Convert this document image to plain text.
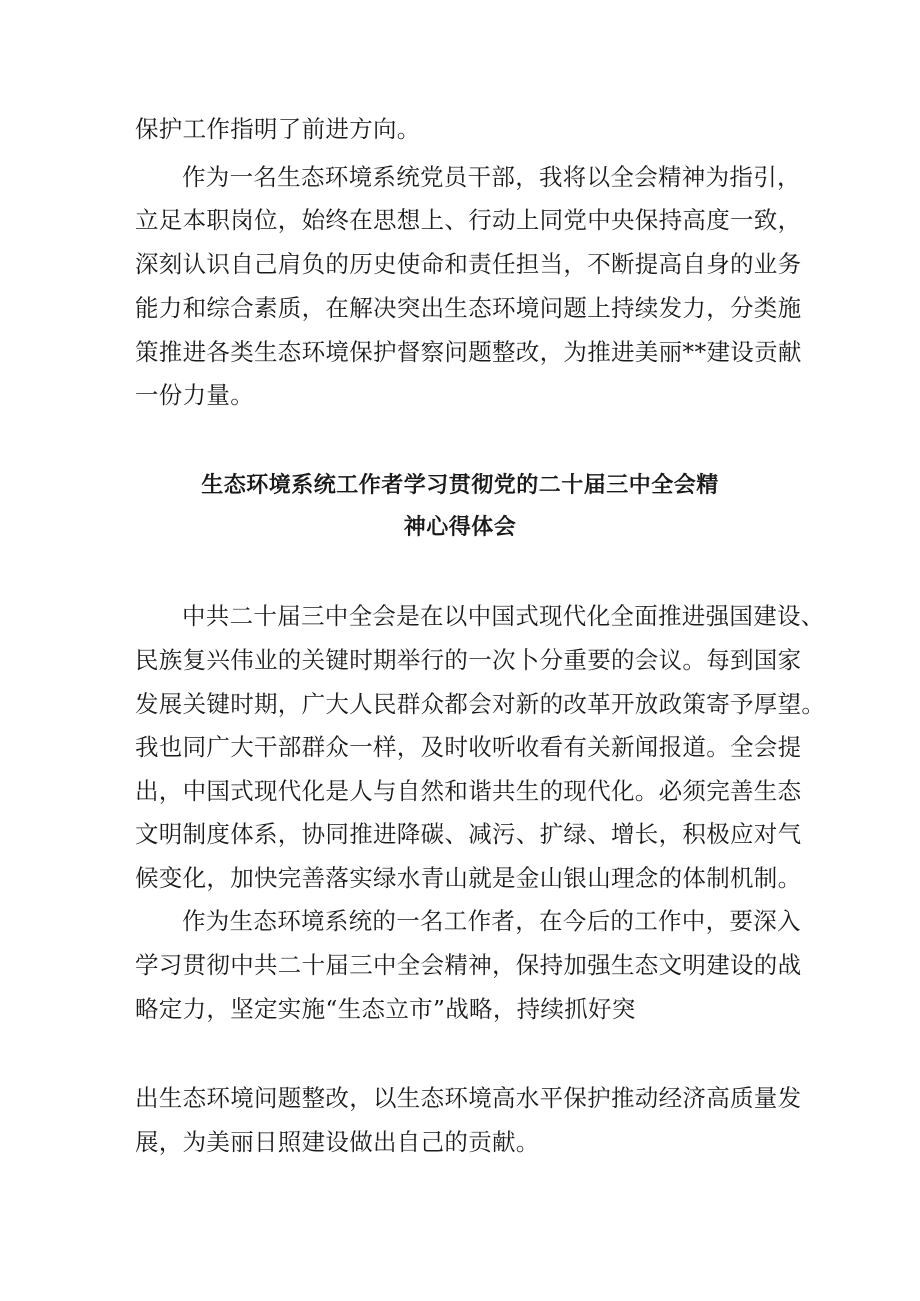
保护工作指明了前进方向。
作为一名生态环境系统党员干部，我将以全会精神为指引，
立足本职岗位，始终在思想上、行动上同党中央保持高度一致，
深刻认识自己肩负的历史使命和责任担当，不断提高自身的业务
能力和综合素质，在解决突出生态环境问题上持续发力，分类施
策推进各类生态环境保护督察问题整改，为推进美丽**建设贡献
一份力量。
生态环境系统工作者学习贯彻党的二十届三中全会精
神心得体会
中共二十届三中全会是在以中国式现代化全面推进强国建设、
民族复兴伟业的关键时期举行的一次卜分重要的会议。每到国家
发展关键时期，广大人民群众都会对新的改革开放政策寄予厚望。
我也同广大干部群众一样，及时收听收看有关新闻报道。全会提
出，中国式现代化是人与自然和谐共生的现代化。必须完善生态
文明制度体系，协同推进降碳、减污、扩绿、增长，积极应对气
候变化，加快完善落实绿水青山就是金山银山理念的体制机制。
作为生态环境系统的一名工作者，在今后的工作中，要深入
学习贯彻中共二十届三中全会精神，保持加强生态文明建设的战
略定力，坚定实施“生态立市”战略，持续抓好突
出生态环境问题整改，以生态环境高水平保护推动经济高质量发
展，为美丽日照建设做出自己的贡献。
